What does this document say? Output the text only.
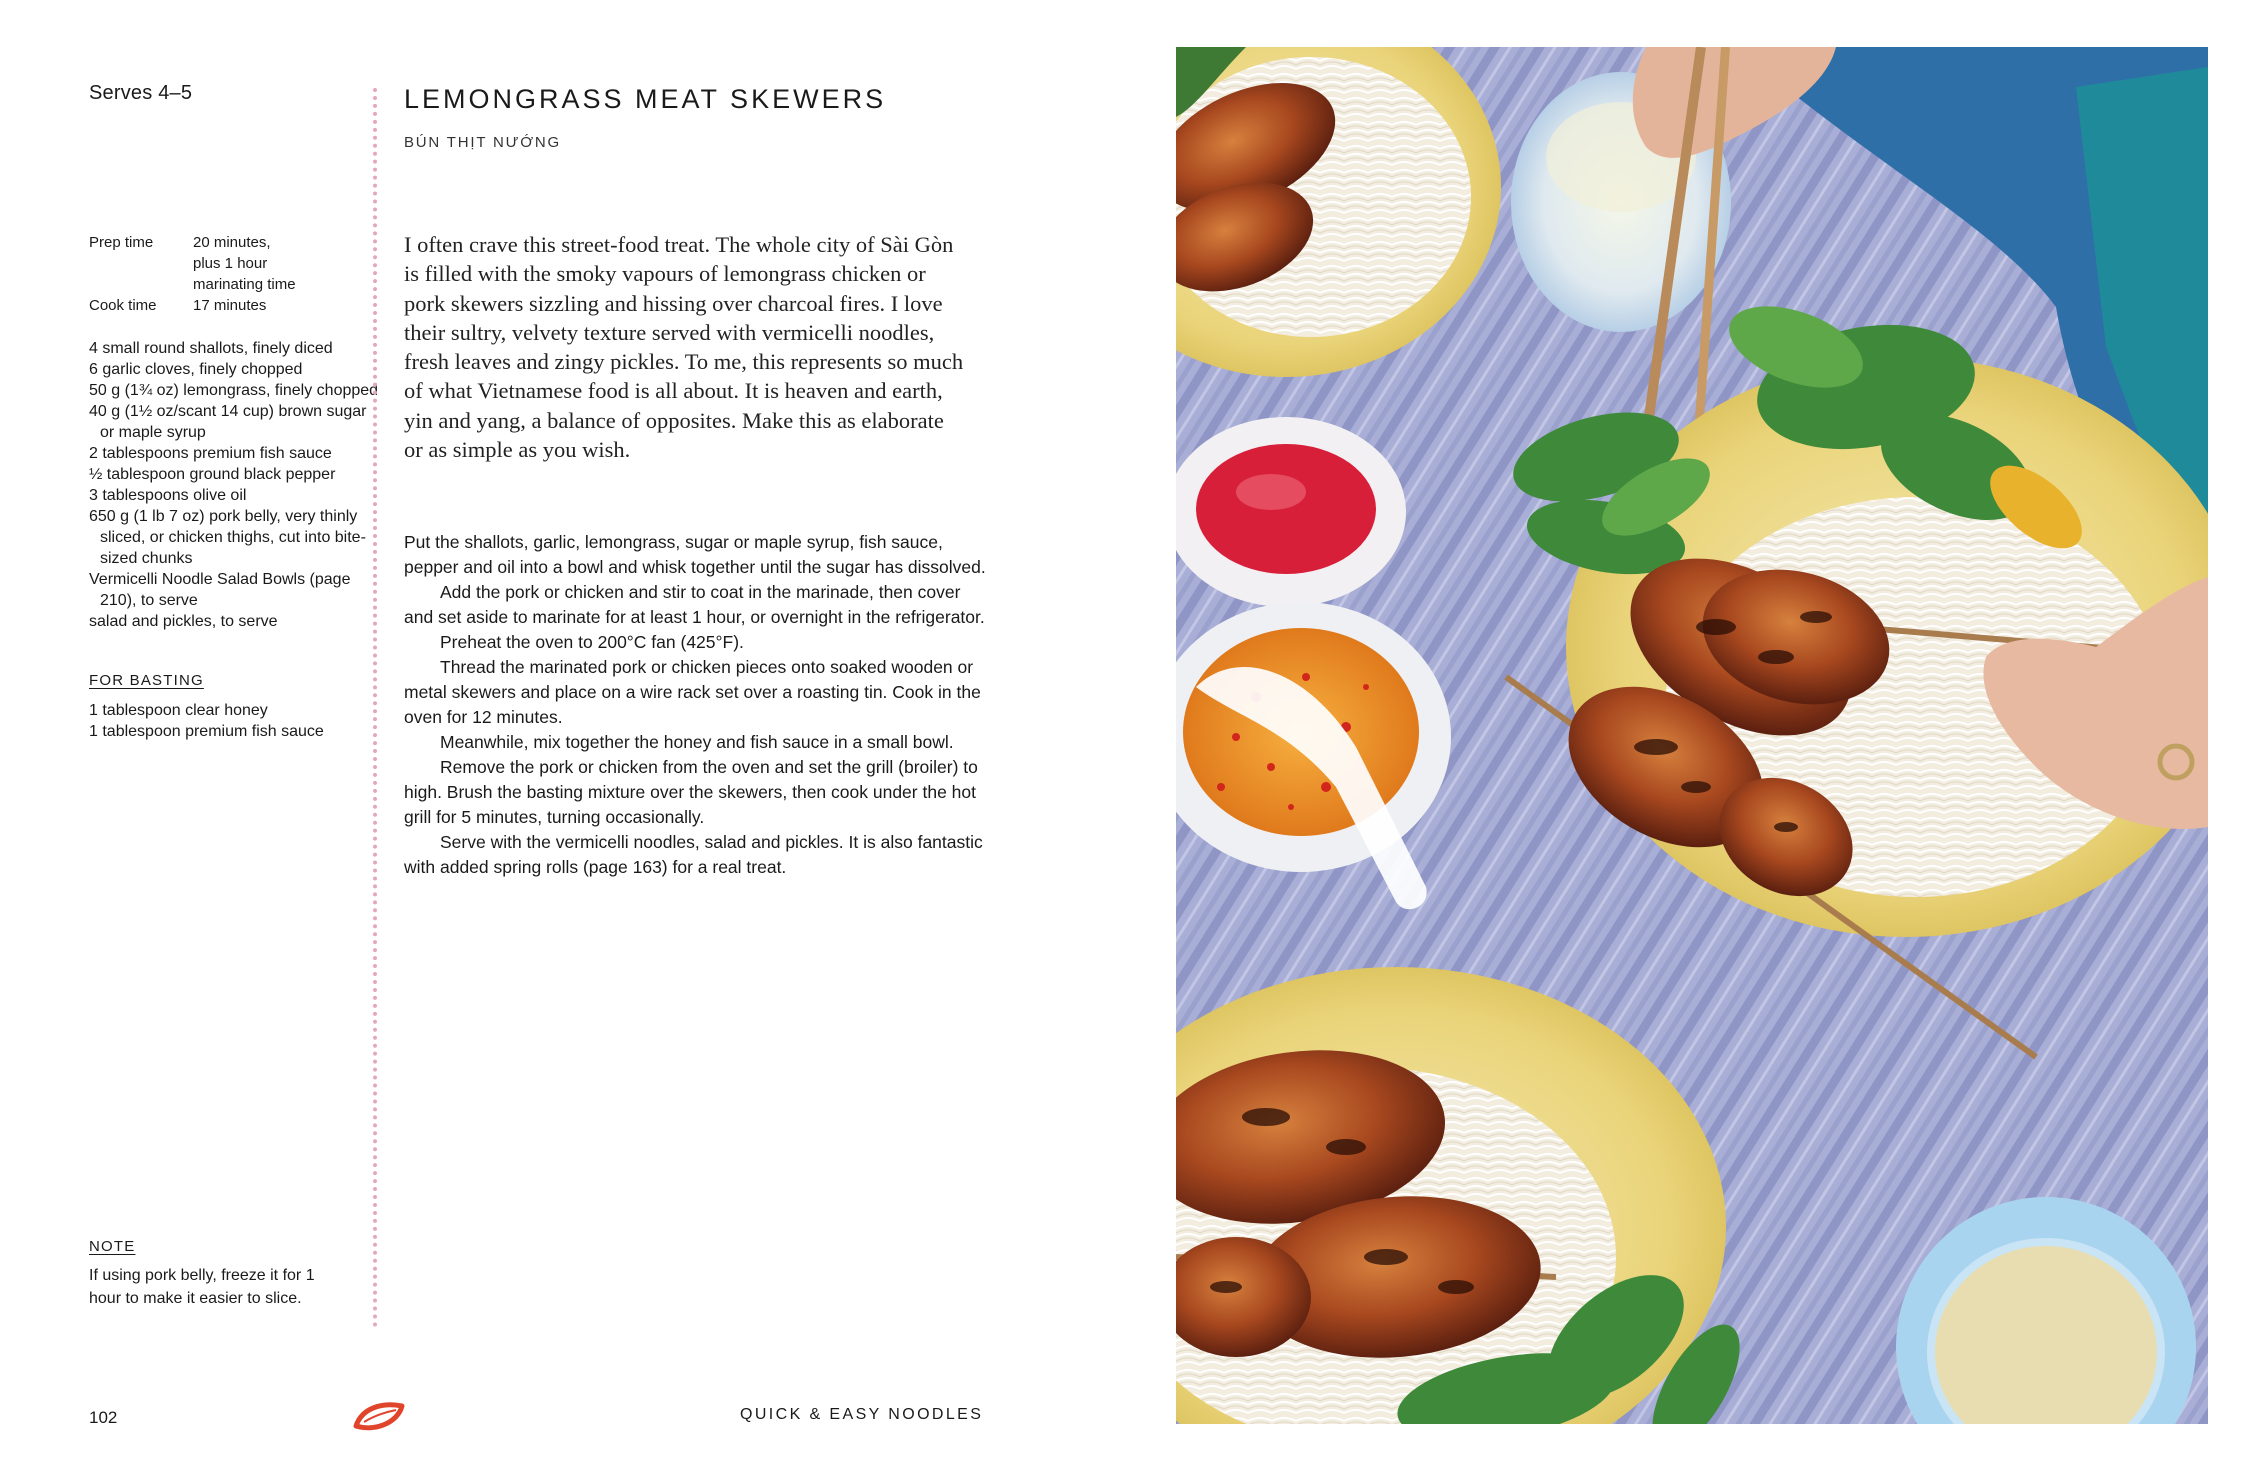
Serves 4–5
Prep time	20 minutes,
plus 1 hour
marinating time
Cook time	17 minutes

4 small round shallots, finely diced

6 garlic cloves, finely chopped

50 g (1¾ oz) lemongrass, finely chopped

40 g (1½ oz/scant 14 cup) brown sugar or maple syrup

2 tablespoons premium fish sauce

½ tablespoon ground black pepper

3 tablespoons olive oil

650 g (1 lb 7 oz) pork belly, very thinly sliced, or chicken thighs, cut into bite-sized chunks

Vermicelli Noodle Salad Bowls (page 210), to serve

salad and pickles, to serve

FOR BASTING

1 tablespoon clear honey

1 tablespoon premium fish sauce

NOTE
If using pork belly, freeze it for 1 hour to make it easier to slice.
LEMONGRASS MEAT SKEWERS
BÚN THỊT NƯỚNG
I often crave this street-food treat. The whole city of Sài Gòn is filled with the smoky vapours of lemongrass chicken or pork skewers sizzling and hissing over charcoal fires. I love their sultry, velvety texture served with vermicelli noodles, fresh leaves and zingy pickles. To me, this represents so much of what Vietnamese food is all about. It is heaven and earth, yin and yang, a balance of opposites. Make this as elaborate or as simple as you wish.

Put the shallots, garlic, lemongrass, sugar or maple syrup, fish sauce, pepper and oil into a bowl and whisk together until the sugar has dissolved.

Add the pork or chicken and stir to coat in the marinade, then cover and set aside to marinate for at least 1 hour, or overnight in the refrigerator.

Preheat the oven to 200°C fan (425°F).

Thread the marinated pork or chicken pieces onto soaked wooden or metal skewers and place on a wire rack set over a roasting tin. Cook in the oven for 12 minutes.

Meanwhile, mix together the honey and fish sauce in a small bowl.

Remove the pork or chicken from the oven and set the grill (broiler) to high. Brush the basting mixture over the skewers, then cook under the hot grill for 5 minutes, turning occasionally.

Serve with the vermicelli noodles, salad and pickles. It is also fantastic with added spring rolls (page 163) for a real treat.

102	QUICK & EASY NOODLES
